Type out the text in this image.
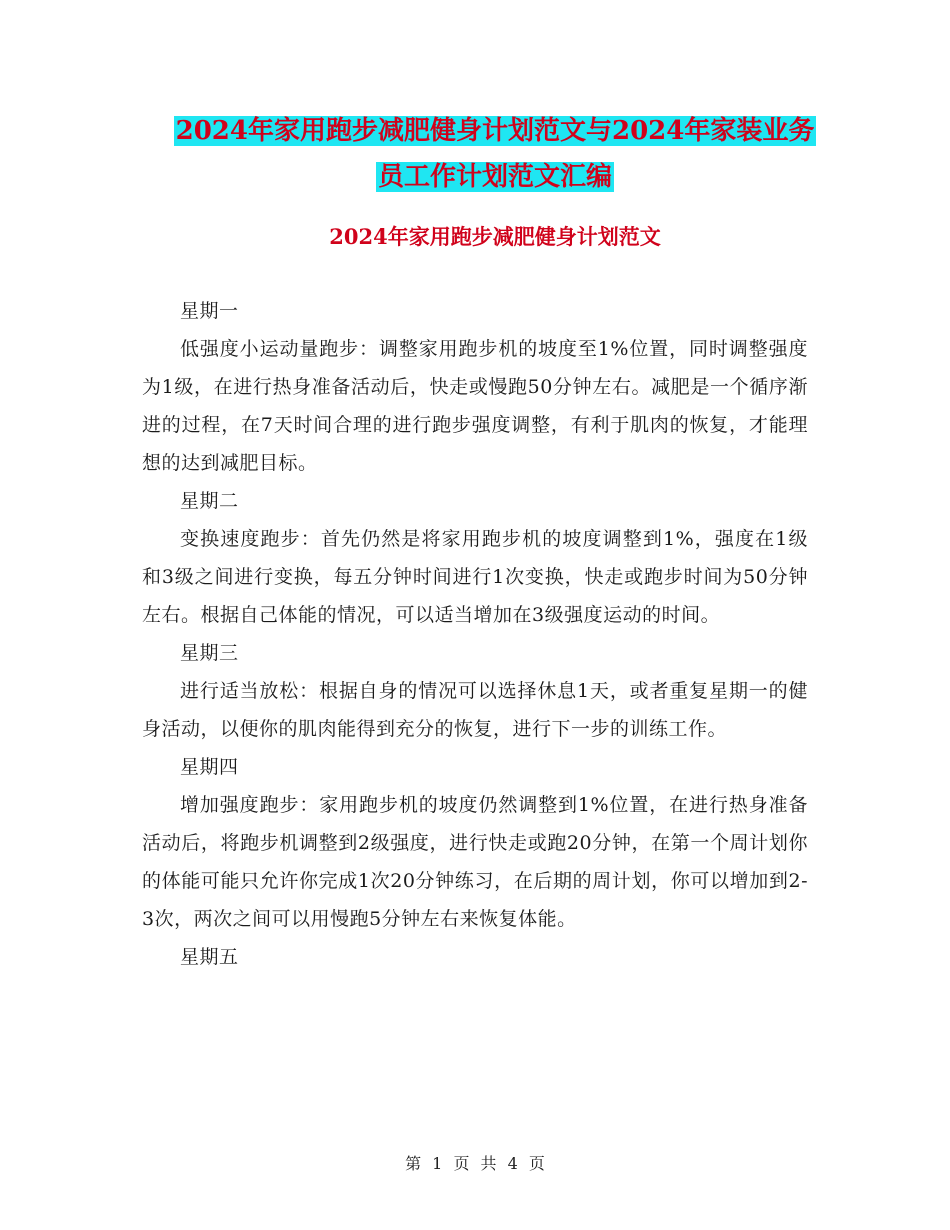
2024年家用跑步减肥健身计划范文与2024年家装业务
员工作计划范文汇编
2024年家用跑步减肥健身计划范文

星期一

低强度小运动量跑步：调整家用跑步机的坡度至1%位置，同时调整强度为1级，在进行热身准备活动后，快走或慢跑50分钟左右。减肥是一个循序渐进的过程，在7天时间合理的进行跑步强度调整，有利于肌肉的恢复，才能理想的达到减肥目标。

星期二

变换速度跑步：首先仍然是将家用跑步机的坡度调整到1%，强度在1级和3级之间进行变换，每五分钟时间进行1次变换，快走或跑步时间为50分钟左右。根据自己体能的情况，可以适当增加在3级强度运动的时间。

星期三

进行适当放松：根据自身的情况可以选择休息1天，或者重复星期一的健身活动，以便你的肌肉能得到充分的恢复，进行下一步的训练工作。

星期四

增加强度跑步：家用跑步机的坡度仍然调整到1%位置，在进行热身准备活动后，将跑步机调整到2级强度，进行快走或跑20分钟，在第一个周计划你的体能可能只允许你完成1次20分钟练习，在后期的周计划，你可以增加到2-3次，两次之间可以用慢跑5分钟左右来恢复体能。

星期五

第 1 页 共 4 页
